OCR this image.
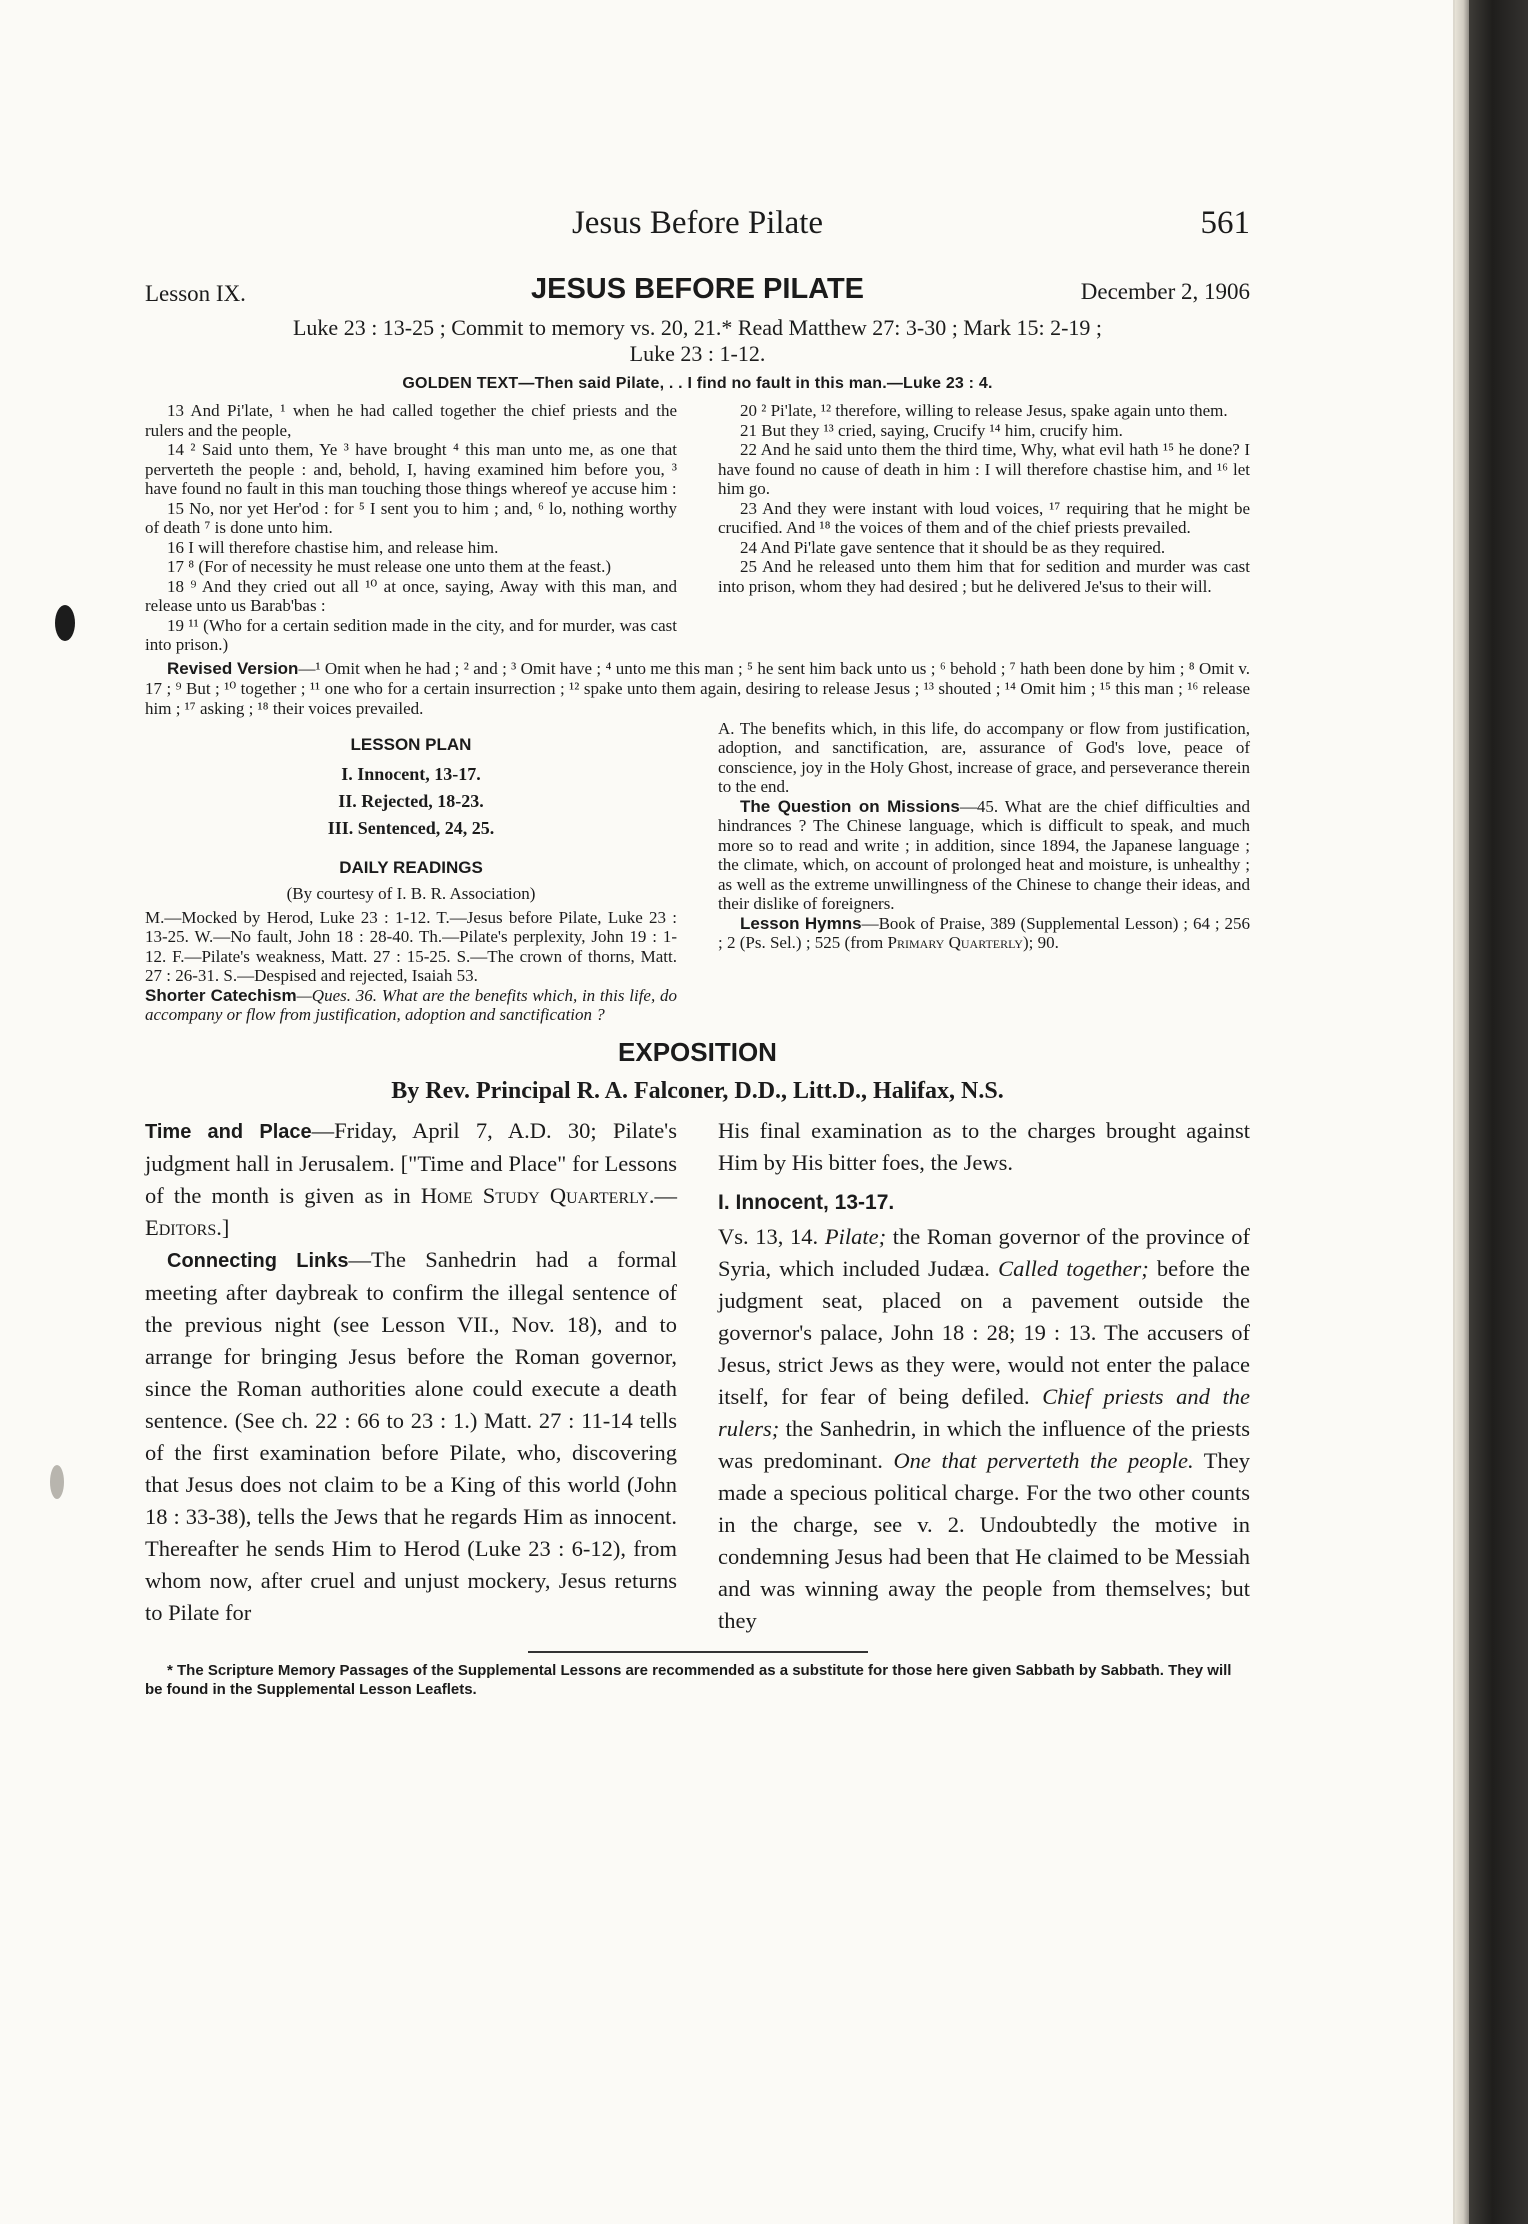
Jesus Before Pilate	561
Lesson IX.	JESUS BEFORE PILATE	December 2, 1906
Luke 23 : 13-25 ; Commit to memory vs. 20, 21.* Read Matthew 27: 3-30 ; Mark 15: 2-19 ;
Luke 23 : 1-12.
GOLDEN TEXT—Then said Pilate, . . I find no fault in this man.—Luke 23 : 4.

13 And Pi'late, ¹ when he had called together the chief priests and the rulers and the people,

14 ² Said unto them, Ye ³ have brought ⁴ this man unto me, as one that perverteth the people : and, behold, I, having examined him before you, ³ have found no fault in this man touching those things whereof ye accuse him :

15 No, nor yet Her'od : for ⁵ I sent you to him ; and, ⁶ lo, nothing worthy of death ⁷ is done unto him.

16 I will therefore chastise him, and release him.

17 ⁸ (For of necessity he must release one unto them at the feast.)

18 ⁹ And they cried out all ¹⁰ at once, saying, Away with this man, and release unto us Barab'bas :

19 ¹¹ (Who for a certain sedition made in the city, and for murder, was cast into prison.)

20 ² Pi'late, ¹² therefore, willing to release Jesus, spake again unto them.

21 But they ¹³ cried, saying, Crucify ¹⁴ him, crucify him.

22 And he said unto them the third time, Why, what evil hath ¹⁵ he done? I have found no cause of death in him : I will therefore chastise him, and ¹⁶ let him go.

23 And they were instant with loud voices, ¹⁷ requiring that he might be crucified. And ¹⁸ the voices of them and of the chief priests prevailed.

24 And Pi'late gave sentence that it should be as they required.

25 And he released unto them him that for sedition and murder was cast into prison, whom they had desired ; but he delivered Je'sus to their will.

Revised Version—¹ Omit when he had ; ² and ; ³ Omit have ; ⁴ unto me this man ; ⁵ he sent him back unto us ; ⁶ behold ; ⁷ hath been done by him ; ⁸ Omit v. 17 ; ⁹ But ; ¹⁰ together ; ¹¹ one who for a certain insurrection ; ¹² spake unto them again, desiring to release Jesus ; ¹³ shouted ; ¹⁴ Omit him ; ¹⁵ this man ; ¹⁶ release him ; ¹⁷ asking ; ¹⁸ their voices prevailed.
LESSON PLAN
I. Innocent, 13-17.
II. Rejected, 18-23.
III. Sentenced, 24, 25.
DAILY READINGS
(By courtesy of I. B. R. Association)
M.—Mocked by Herod, Luke 23 : 1-12. T.—Jesus before Pilate, Luke 23 : 13-25. W.—No fault, John 18 : 28-40. Th.—Pilate's perplexity, John 19 : 1-12. F.—Pilate's weakness, Matt. 27 : 15-25. S.—The crown of thorns, Matt. 27 : 26-31. S.—Despised and rejected, Isaiah 53.
Shorter Catechism—Ques. 36. What are the benefits which, in this life, do accompany or flow from justification, adoption and sanctification ?

A. The benefits which, in this life, do accompany or flow from justification, adoption, and sanctification, are, assurance of God's love, peace of conscience, joy in the Holy Ghost, increase of grace, and perseverance therein to the end.

The Question on Missions—45. What are the chief difficulties and hindrances ? The Chinese language, which is difficult to speak, and much more so to read and write ; in addition, since 1894, the Japanese language ; the climate, which, on account of prolonged heat and moisture, is unhealthy ; as well as the extreme unwillingness of the Chinese to change their ideas, and their dislike of foreigners.

Lesson Hymns—Book of Praise, 389 (Supplemental Lesson) ; 64 ; 256 ; 2 (Ps. Sel.) ; 525 (from Primary Quarterly); 90.

EXPOSITION
By Rev. Principal R. A. Falconer, D.D., Litt.D., Halifax, N.S.

Time and Place—Friday, April 7, A.D. 30; Pilate's judgment hall in Jerusalem. ["Time and Place" for Lessons of the month is given as in Home Study Quarterly.— Editors.]

Connecting Links—The Sanhedrin had a formal meeting after daybreak to confirm the illegal sentence of the previous night (see Lesson VII., Nov. 18), and to arrange for bringing Jesus before the Roman governor, since the Roman authorities alone could execute a death sentence. (See ch. 22 : 66 to 23 : 1.) Matt. 27 : 11-14 tells of the first examination before Pilate, who, discovering that Jesus does not claim to be a King of this world (John 18 : 33-38), tells the Jews that he regards Him as innocent. Thereafter he sends Him to Herod (Luke 23 : 6-12), from whom now, after cruel and unjust mockery, Jesus returns to Pilate for

His final examination as to the charges brought against Him by His bitter foes, the Jews.

I. Innocent, 13-17.

Vs. 13, 14. Pilate; the Roman governor of the province of Syria, which included Judæa. Called together; before the judgment seat, placed on a pavement outside the governor's palace, John 18 : 28; 19 : 13. The accusers of Jesus, strict Jews as they were, would not enter the palace itself, for fear of being defiled. Chief priests and the rulers; the Sanhedrin, in which the influence of the priests was predominant. One that perverteth the people. They made a specious political charge. For the two other counts in the charge, see v. 2. Undoubtedly the motive in condemning Jesus had been that He claimed to be Messiah and was winning away the people from themselves; but they

* The Scripture Memory Passages of the Supplemental Lessons are recommended as a substitute for those here given Sabbath by Sabbath. They will be found in the Supplemental Lesson Leaflets.
